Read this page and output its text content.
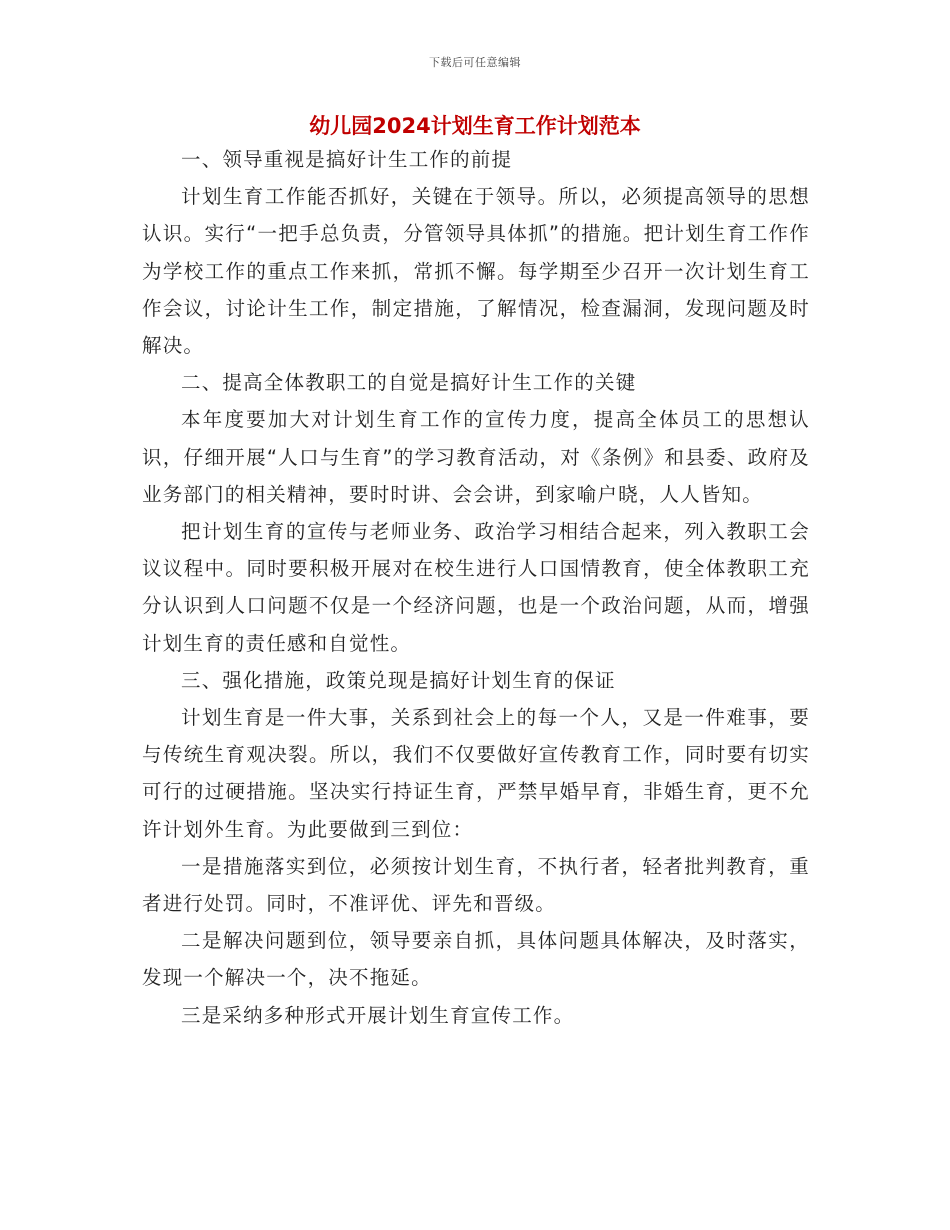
下载后可任意编辑
幼儿园2024计划生育工作计划范本

一、领导重视是搞好计生工作的前提

计划生育工作能否抓好，关键在于领导。所以，必须提高领导的思想认识。实行“一把手总负责，分管领导具体抓”的措施。把计划生育工作作为学校工作的重点工作来抓，常抓不懈。每学期至少召开一次计划生育工作会议，讨论计生工作，制定措施，了解情况，检查漏洞，发现问题及时解决。

二、提高全体教职工的自觉是搞好计生工作的关键

本年度要加大对计划生育工作的宣传力度，提高全体员工的思想认识，仔细开展“人口与生育”的学习教育活动，对《条例》和县委、政府及业务部门的相关精神，要时时讲、会会讲，到家喻户晓，人人皆知。

把计划生育的宣传与老师业务、政治学习相结合起来，列入教职工会议议程中。同时要积极开展对在校生进行人口国情教育，使全体教职工充分认识到人口问题不仅是一个经济问题，也是一个政治问题，从而，增强计划生育的责任感和自觉性。

三、强化措施，政策兑现是搞好计划生育的保证

计划生育是一件大事，关系到社会上的每一个人，又是一件难事，要与传统生育观决裂。所以，我们不仅要做好宣传教育工作，同时要有切实可行的过硬措施。坚决实行持证生育，严禁早婚早育，非婚生育，更不允许计划外生育。为此要做到三到位：

一是措施落实到位，必须按计划生育，不执行者，轻者批判教育，重者进行处罚。同时，不准评优、评先和晋级。

二是解决问题到位，领导要亲自抓，具体问题具体解决，及时落实，发现一个解决一个，决不拖延。

三是采纳多种形式开展计划生育宣传工作。
